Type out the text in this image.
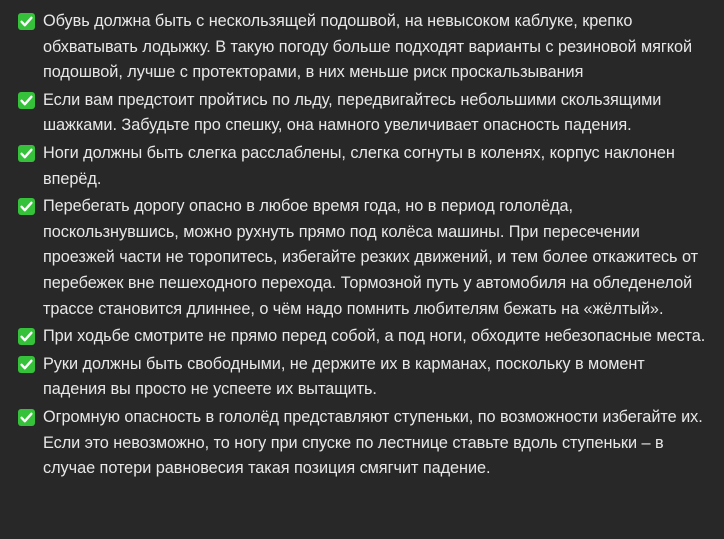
Обувь должна быть с нескользящей подошвой, на невысоком каблуке, крепко обхватывать лодыжку. В такую погоду больше подходят варианты с резиновой мягкой подошвой, лучше с протекторами, в них меньше риск проскальзывания
Если вам предстоит пройтись по льду, передвигайтесь небольшими скользящими шажками. Забудьте про спешку, она намного увеличивает опасность падения.
Ноги должны быть слегка расслаблены, слегка согнуты в коленях, корпус наклонен вперёд.
Перебегать дорогу опасно в любое время года, но в период гололёда, поскользнувшись, можно рухнуть прямо под колёса машины. При пересечении проезжей части не торопитесь, избегайте резких движений, и тем более откажитесь от перебежек вне пешеходного перехода. Тормозной путь у автомобиля на обледенелой трассе становится длиннее, о чём надо помнить любителям бежать на «жёлтый».
При ходьбе смотрите не прямо перед собой, а под ноги, обходите небезопасные места.
Руки должны быть свободными, не держите их в карманах, поскольку в момент падения вы просто не успеете их вытащить.
Огромную опасность в гололёд представляют ступеньки, по возможности избегайте их. Если это невозможно, то ногу при спуске по лестнице ставьте вдоль ступеньки – в случае потери равновесия такая позиция смягчит падение.
